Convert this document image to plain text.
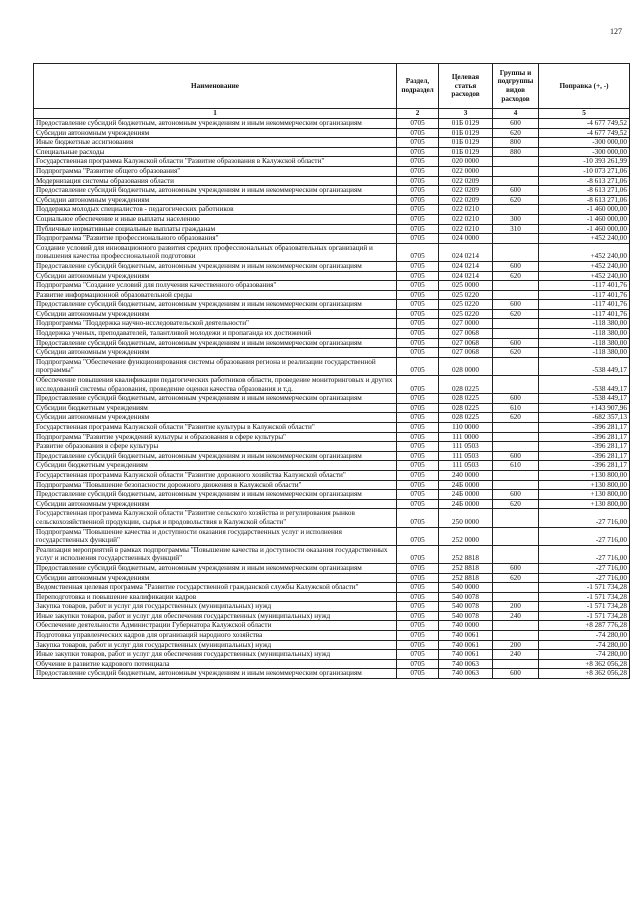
127
Наименование	Раздел, подраздел	Целевая статья расходов	Группы и подгруппы видов расходов	Поправка (+, -)
1	2	3	4	5
Предоставление субсидий бюджетным, автономным учреждениям и иным некоммерческим организациям	0705	01Б 0129	600	-4 677 749,52
Субсидии автономным учреждениям	0705	01Б 0129	620	-4 677 749,52
Иные бюджетные ассигнования	0705	01Б 0129	800	-300 000,00
Специальные расходы	0705	01Б 0129	880	-300 000,00
Государственная программа Калужской области "Развитие образования в Калужской области"	0705	020 0000		-10 393 261,99
Подпрограмма "Развитие общего образования"	0705	022 0000		-10 073 271,06
Модернизация системы образования области	0705	022 0209		-8 613 271,06
Предоставление субсидий бюджетным, автономным учреждениям и иным некоммерческим организациям	0705	022 0209	600	-8 613 271,06
Субсидии автономным учреждениям	0705	022 0209	620	-8 613 271,06
Поддержка молодых специалистов - педагогических работников	0705	022 0210		-1 460 000,00
Социальное обеспечение и иные выплаты населению	0705	022 0210	300	-1 460 000,00
Публичные нормативные социальные выплаты гражданам	0705	022 0210	310	-1 460 000,00
Подпрограмма "Развитие профессионального образования"	0705	024 0000		+452 240,00
Создание условий для инновационного развития средних профессиональных образовательных организаций и повышения качества профессиональной подготовки	0705	024 0214		+452 240,00
Предоставление субсидий бюджетным, автономным учреждениям и иным некоммерческим организациям	0705	024 0214	600	+452 240,00
Субсидии автономным учреждениям	0705	024 0214	620	+452 240,00
Подпрограмма "Создание условий для получения качественного образования"	0705	025 0000		-117 401,76
Развитие информационной образовательной среды	0705	025 0220		-117 401,76
Предоставление субсидий бюджетным, автономным учреждениям и иным некоммерческим организациям	0705	025 0220	600	-117 401,76
Субсидии автономным учреждениям	0705	025 0220	620	-117 401,76
Подпрограмма "Поддержка научно-исследовательской деятельности"	0705	027 0000		-118 380,00
Поддержка ученых, преподавателей, талантливой молодежи и пропаганда их достижений	0705	027 0068		-118 380,00
Предоставление субсидий бюджетным, автономным учреждениям и иным некоммерческим организациям	0705	027 0068	600	-118 380,00
Субсидии автономным учреждениям	0705	027 0068	620	-118 380,00
Подпрограмма "Обеспечение функционирования системы образования региона и реализации государственной программы"	0705	028 0000		-538 449,17
Обеспечение повышения квалификации педагогических работников области, проведение мониторинговых и других исследований системы образования, проведение оценки качества образования и т.д.	0705	028 0225		-538 449,17
Предоставление субсидий бюджетным, автономным учреждениям и иным некоммерческим организациям	0705	028 0225	600	-538 449,17
Субсидии бюджетным учреждениям	0705	028 0225	610	+143 907,96
Субсидии автономным учреждениям	0705	028 0225	620	-682 357,13
Государственная программа Калужской области "Развитие культуры в Калужской области"	0705	110 0000		-396 281,17
Подпрограмма "Развитие учреждений культуры и образования в сфере культуры"	0705	111 0000		-396 281,17
Развитие образования в сфере культуры	0705	111 0503		-396 281,17
Предоставление субсидий бюджетным, автономным учреждениям и иным некоммерческим организациям	0705	111 0503	600	-396 281,17
Субсидии бюджетным учреждениям	0705	111 0503	610	-396 281,17
Государственная программа Калужской области "Развитие дорожного хозяйства Калужской области"	0705	240 0000		+130 800,00
Подпрограмма "Повышение безопасности дорожного движения в Калужской области"	0705	24Б 0000		+130 800,00
Предоставление субсидий бюджетным, автономным учреждениям и иным некоммерческим организациям	0705	24Б 0000	600	+130 800,00
Субсидии автономным учреждениям	0705	24Б 0000	620	+130 800,00
Государственная программа Калужской области "Развитие сельского хозяйства и регулирования рынков сельскохозяйственной продукции, сырья и продовольствия в Калужской области"	0705	250 0000		-27 716,00
Подпрограмма "Повышение качества и доступности оказания государственных услуг и исполнения государственных функций"	0705	252 0000		-27 716,00
Реализация мероприятий в рамках подпрограммы "Повышение качества и доступности оказания государственных услуг и исполнения государственных функций"	0705	252 8818		-27 716,00
Предоставление субсидий бюджетным, автономным учреждениям и иным некоммерческим организациям	0705	252 8818	600	-27 716,00
Субсидии автономным учреждениям	0705	252 8818	620	-27 716,00
Ведомственная целевая программа "Развитие государственной гражданской службы Калужской области"	0705	540 0000		-1 571 734,28
Переподготовка и повышение квалификации кадров	0705	540 0078		-1 571 734,28
Закупка товаров, работ и услуг для государственных (муниципальных) нужд	0705	540 0078	200	-1 571 734,28
Иные закупки товаров, работ и услуг для обеспечения государственных (муниципальных) нужд	0705	540 0078	240	-1 571 734,28
Обеспечение деятельности Администрации Губернатора Калужской области	0705	740 0000		+8 287 776,28
Подготовка управленческих кадров для организаций народного хозяйства	0705	740 0061		-74 280,00
Закупка товаров, работ и услуг для государственных (муниципальных) нужд	0705	740 0061	200	-74 280,00
Иные закупки товаров, работ и услуг для обеспечения государственных (муниципальных) нужд	0705	740 0061	240	-74 280,00
Обучение в развитие кадрового потенциала	0705	740 0063		+8 362 056,28
Предоставление субсидий бюджетным, автономным учреждениям и иным некоммерческим организациям	0705	740 0063	600	+8 362 056,28
